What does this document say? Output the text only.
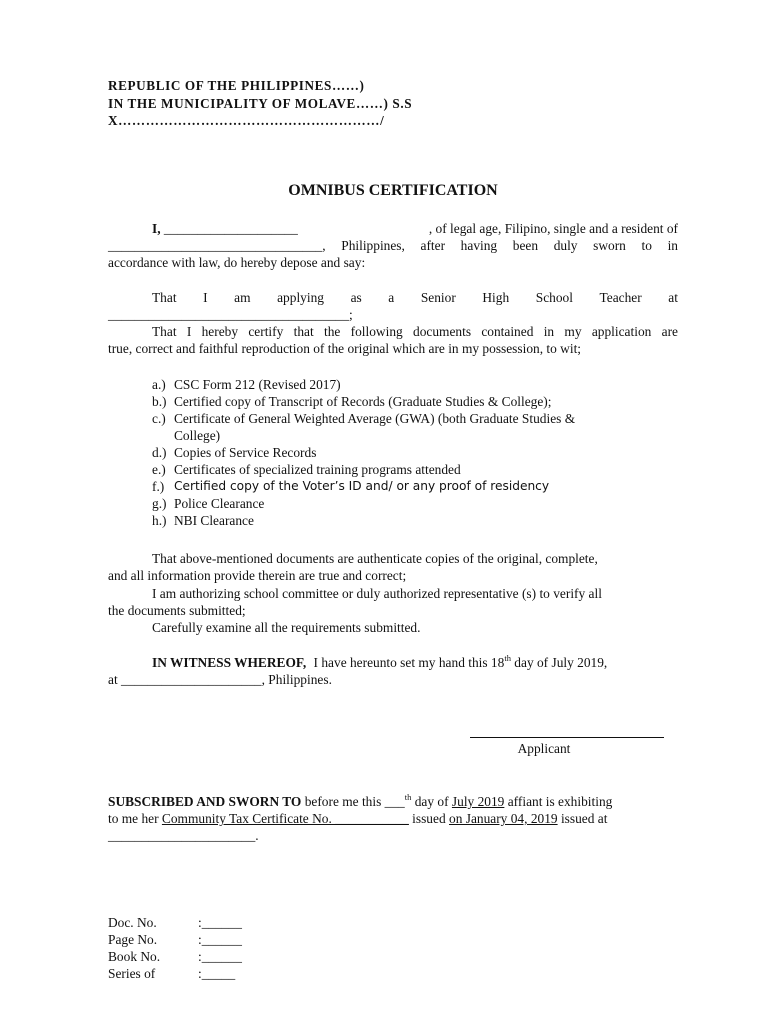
REPUBLIC OF THE PHILIPPINES……)
IN THE MUNICIPALITY OF MOLAVE……) S.S
X…………………………………………………/
OMNIBUS CERTIFICATION
I, ____________________	, of legal age, Filipino, single and a resident of
________________________________, Philippines, after having been duly sworn to in
accordance with law, do hereby depose and say:
That I am applying as a Senior High School Teacher at
____________________________________;
That I hereby certify that the following documents contained in my application are
true, correct and faithful reproduction of the original which are in my possession, to wit;
a.) CSC Form 212 (Revised 2017)
b.) Certified copy of Transcript of Records (Graduate Studies & College);
c.) Certificate of General Weighted Average (GWA) (both Graduate Studies &
College)
d.) Copies of Service Records
e.) Certificates of specialized training programs attended
f.) Certified copy of the Voter’s ID and/ or any proof of residency
g.) Police Clearance
h.) NBI Clearance
That above-mentioned documents are authenticate copies of the original, complete,
and all information provide therein are true and correct;
I am authorizing school committee or duly authorized representative (s) to verify all
the documents submitted;
Carefully examine all the requirements submitted.
IN WITNESS WHEREOF, I have hereunto set my hand this 18th day of July 2019,
at _____________________, Philippines.
Applicant
SUBSCRIBED AND SWORN TO before me this ___$^{th}$ day of July 2019 affiant is exhibiting
to me her Community Tax Certificate No. ___________ issued on January 04, 2019 issued at
______________________.
Doc. No.	:______
Page No.	:______
Book No.	:______
Series of	:_____
